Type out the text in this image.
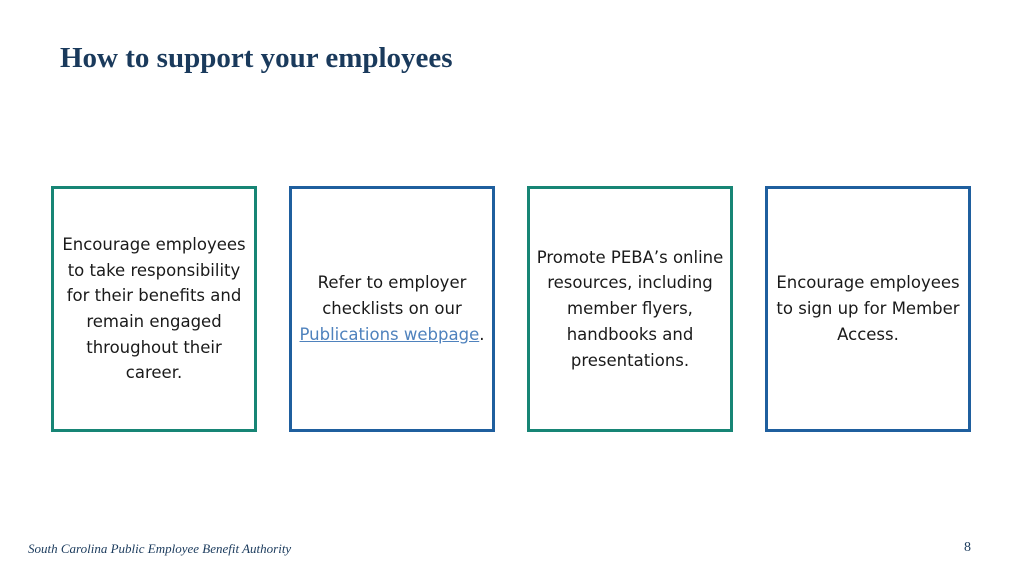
How to support your employees
Encourage employees to take responsibility for their benefits and remain engaged throughout their career.
Refer to employer checklists on our Publications webpage.
Promote PEBA’s online resources, including member flyers, handbooks and presentations.
Encourage employees to sign up for Member Access.
South Carolina Public Employee Benefit Authority	8
